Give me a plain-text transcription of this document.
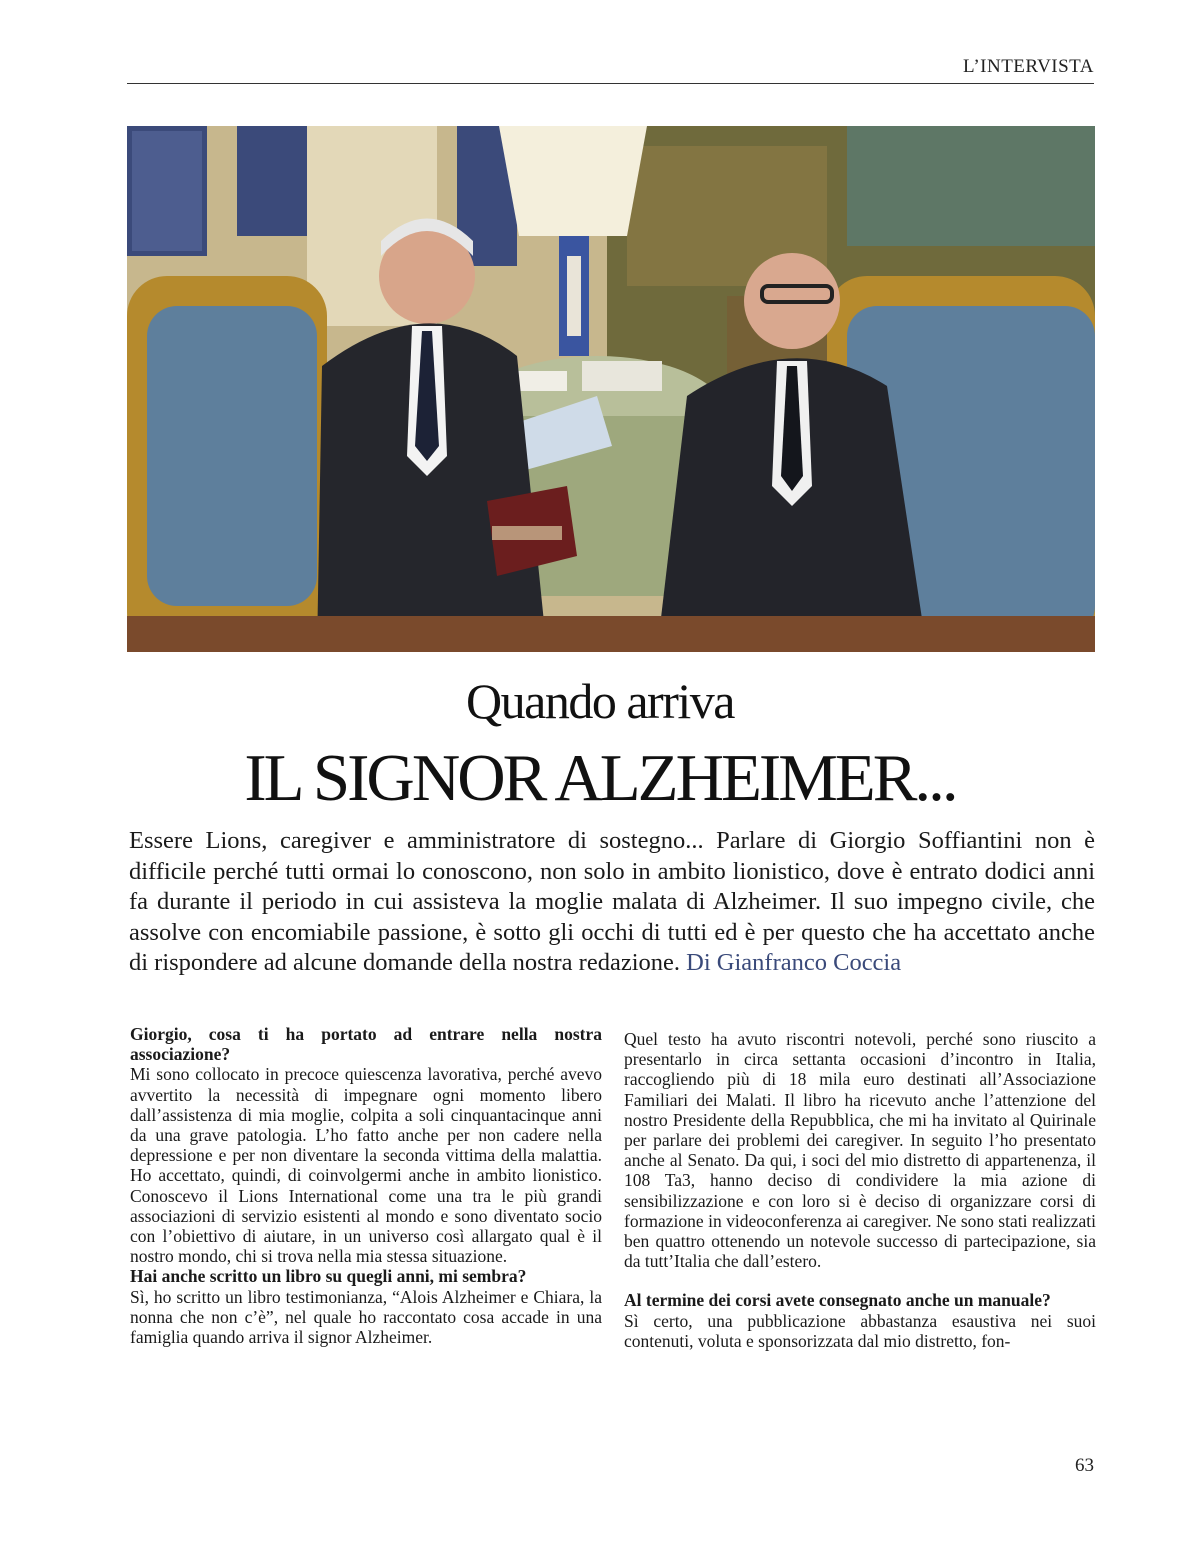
L’INTERVISTA
Quando arriva
IL SIGNOR ALZHEIMER...
Essere Lions, caregiver e amministratore di sostegno... Parlare di Giorgio Soffiantini non è difficile perché tutti ormai lo conoscono, non solo in ambito lionistico, dove è entrato dodici anni fa durante il periodo in cui assisteva la moglie malata di Alzheimer. Il suo impegno civile, che assolve con encomiabile passione, è sotto gli occhi di tutti ed è per questo che ha accettato anche di rispondere ad alcune domande della nostra redazione. Di Gianfranco Coccia

Giorgio, cosa ti ha portato ad entrare nella nostra associazione?

Mi sono collocato in precoce quiescenza lavorativa, perché avevo avvertito la necessità di impegnare ogni momento libero dall’assistenza di mia moglie, colpita a soli cinquantacinque anni da una grave patologia. L’ho fatto anche per non cadere nella depressione e per non diventare la seconda vittima della malattia. Ho accettato, quindi, di coinvolgermi anche in ambito lionistico. Conoscevo il Lions International come una tra le più grandi associazioni di servizio esistenti al mondo e sono diventato socio con l’obiettivo di aiutare, in un universo così allargato qual è il nostro mondo, chi si trova nella mia stessa situazione.

Hai anche scritto un libro su quegli anni, mi sembra?

Sì, ho scritto un libro testimonianza, “Alois Alzheimer e Chiara, la nonna che non c’è”, nel quale ho raccontato cosa accade in una famiglia quando arriva il signor Alzheimer.

Quel testo ha avuto riscontri notevoli, perché sono riuscito a presentarlo in circa settanta occasioni d’incontro in Italia, raccogliendo più di 18 mila euro destinati all’Associazione Familiari dei Malati. Il libro ha ricevuto anche l’attenzione del nostro Presidente della Repubblica, che mi ha invitato al Quirinale per parlare dei problemi dei caregiver. In seguito l’ho presentato anche al Senato. Da qui, i soci del mio distretto di appartenenza, il 108 Ta3, hanno deciso di condividere la mia azione di sensibilizzazione e con loro si è deciso di organizzare corsi di formazione in videoconferenza ai caregiver. Ne sono stati realizzati ben quattro ottenendo un notevole successo di partecipazione, sia da tutt’Italia che dall’estero.

Al termine dei corsi avete consegnato anche un manuale?

Sì certo, una pubblicazione abbastanza esaustiva nei suoi contenuti, voluta e sponsorizzata dal mio distretto, fon-

63
